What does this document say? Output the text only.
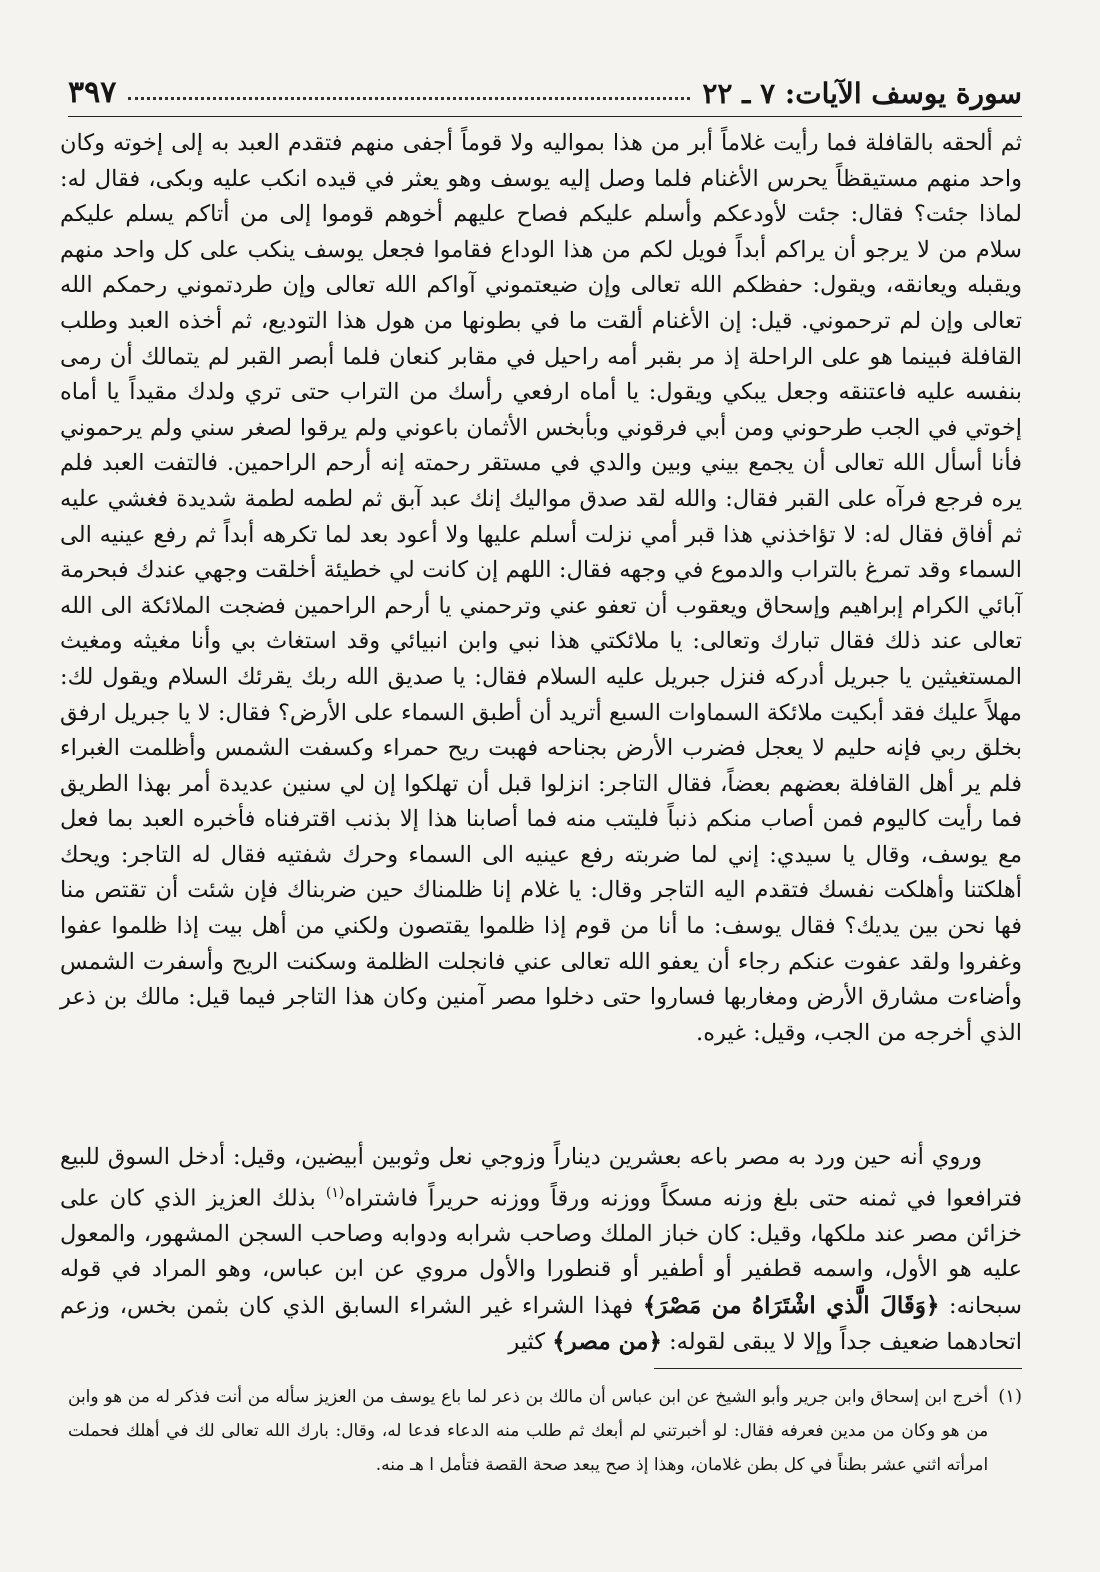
سورة يوسف الآيات: ٧ ـ ٢٢
٣٩٧

ثم ألحقه بالقافلة فما رأيت غلاماً أبر من هذا بمواليه ولا قوماً أجفى منهم فتقدم العبد به إلى إخوته وكان واحد منهم مستيقظاً يحرس الأغنام فلما وصل إليه يوسف وهو يعثر في قيده انكب عليه وبكى، فقال له: لماذا جئت؟ فقال: جئت لأودعكم وأسلم عليكم فصاح عليهم أخوهم قوموا إلى من أتاكم يسلم عليكم سلام من لا يرجو أن يراكم أبداً فويل لكم من هذا الوداع فقاموا فجعل يوسف ينكب على كل واحد منهم ويقبله ويعانقه، ويقول: حفظكم الله تعالى وإن ضيعتموني آواكم الله تعالى وإن طردتموني رحمكم الله تعالى وإن لم ترحموني. قيل: إن الأغنام ألقت ما في بطونها من هول هذا التوديع، ثم أخذه العبد وطلب القافلة فبينما هو على الراحلة إذ مر بقبر أمه راحيل في مقابر كنعان فلما أبصر القبر لم يتمالك أن رمى بنفسه عليه فاعتنقه وجعل يبكي ويقول: يا أماه ارفعي رأسك من التراب حتى تري ولدك مقيداً يا أماه إخوتي في الجب طرحوني ومن أبي فرقوني وبأبخس الأثمان باعوني ولم يرقوا لصغر سني ولم يرحموني فأنا أسأل الله تعالى أن يجمع بيني وبين والدي في مستقر رحمته إنه أرحم الراحمين. فالتفت العبد فلم يره فرجع فرآه على القبر فقال: والله لقد صدق مواليك إنك عبد آبق ثم لطمه لطمة شديدة فغشي عليه ثم أفاق فقال له: لا تؤاخذني هذا قبر أمي نزلت أسلم عليها ولا أعود بعد لما تكرهه أبداً ثم رفع عينيه الى السماء وقد تمرغ بالتراب والدموع في وجهه فقال: اللهم إن كانت لي خطيئة أخلقت وجهي عندك فبحرمة آبائي الكرام إبراهيم وإسحاق ويعقوب أن تعفو عني وترحمني يا أرحم الراحمين فضجت الملائكة الى الله تعالى عند ذلك فقال تبارك وتعالى: يا ملائكتي هذا نبي وابن انبيائي وقد استغاث بي وأنا مغيثه ومغيث المستغيثين يا جبريل أدركه فنزل جبريل عليه السلام فقال: يا صديق الله ربك يقرئك السلام ويقول لك: مهلاً عليك فقد أبكيت ملائكة السماوات السبع أتريد أن أطبق السماء على الأرض؟ فقال: لا يا جبريل ارفق بخلق ربي فإنه حليم لا يعجل فضرب الأرض بجناحه فهبت ريح حمراء وكسفت الشمس وأظلمت الغبراء فلم ير أهل القافلة بعضهم بعضاً، فقال التاجر: انزلوا قبل أن تهلكوا إن لي سنين عديدة أمر بهذا الطريق فما رأيت كاليوم فمن أصاب منكم ذنباً فليتب منه فما أصابنا هذا إلا بذنب اقترفناه فأخبره العبد بما فعل مع يوسف، وقال يا سيدي: إني لما ضربته رفع عينيه الى السماء وحرك شفتيه فقال له التاجر: ويحك أهلكتنا وأهلكت نفسك فتقدم اليه التاجر وقال: يا غلام إنا ظلمناك حين ضربناك فإن شئت أن تقتص منا فها نحن بين يديك؟ فقال يوسف: ما أنا من قوم إذا ظلموا يقتصون ولكني من أهل بيت إذا ظلموا عفوا وغفروا ولقد عفوت عنكم رجاء أن يعفو الله تعالى عني فانجلت الظلمة وسكنت الريح وأسفرت الشمس وأضاءت مشارق الأرض ومغاربها فساروا حتى دخلوا مصر آمنين وكان هذا التاجر فيما قيل: مالك بن ذعر الذي أخرجه من الجب، وقيل: غيره.

وروي أنه حين ورد به مصر باعه بعشرين ديناراً وزوجي نعل وثوبين أبيضين، وقيل: أدخل السوق للبيع فترافعوا في ثمنه حتى بلغ وزنه مسكاً ووزنه ورقاً ووزنه حريراً فاشتراه$^{(١)}$ بذلك العزيز الذي كان على خزائن مصر عند ملكها، وقيل: كان خباز الملك وصاحب شرابه ودوابه وصاحب السجن المشهور، والمعول عليه هو الأول، واسمه قطفير أو أطفير أو قنطورا والأول مروي عن ابن عباس، وهو المراد في قوله سبحانه: ﴿وَقَالَ الَّذي اشْتَرَاهُ من مَصْرَ﴾ فهذا الشراء غير الشراء السابق الذي كان بثمن بخس، وزعم اتحادهما ضعيف جداً وإلا لا يبقى لقوله: ﴿من مصر﴾ كثير

(١)
أخرج ابن إسحاق وابن جرير وأبو الشيخ عن ابن عباس أن مالك بن ذعر لما باع يوسف من العزيز سأله من أنت فذكر له من هو وابن من هو وكان من مدين فعرفه فقال: لو أخبرتني لم أبعك ثم طلب منه الدعاء فدعا له، وقال: بارك الله تعالى لك في أهلك فحملت امرأته اثني عشر بطناً في كل بطن غلامان، وهذا إذ صح يبعد صحة القصة فتأمل ا هـ منه.
